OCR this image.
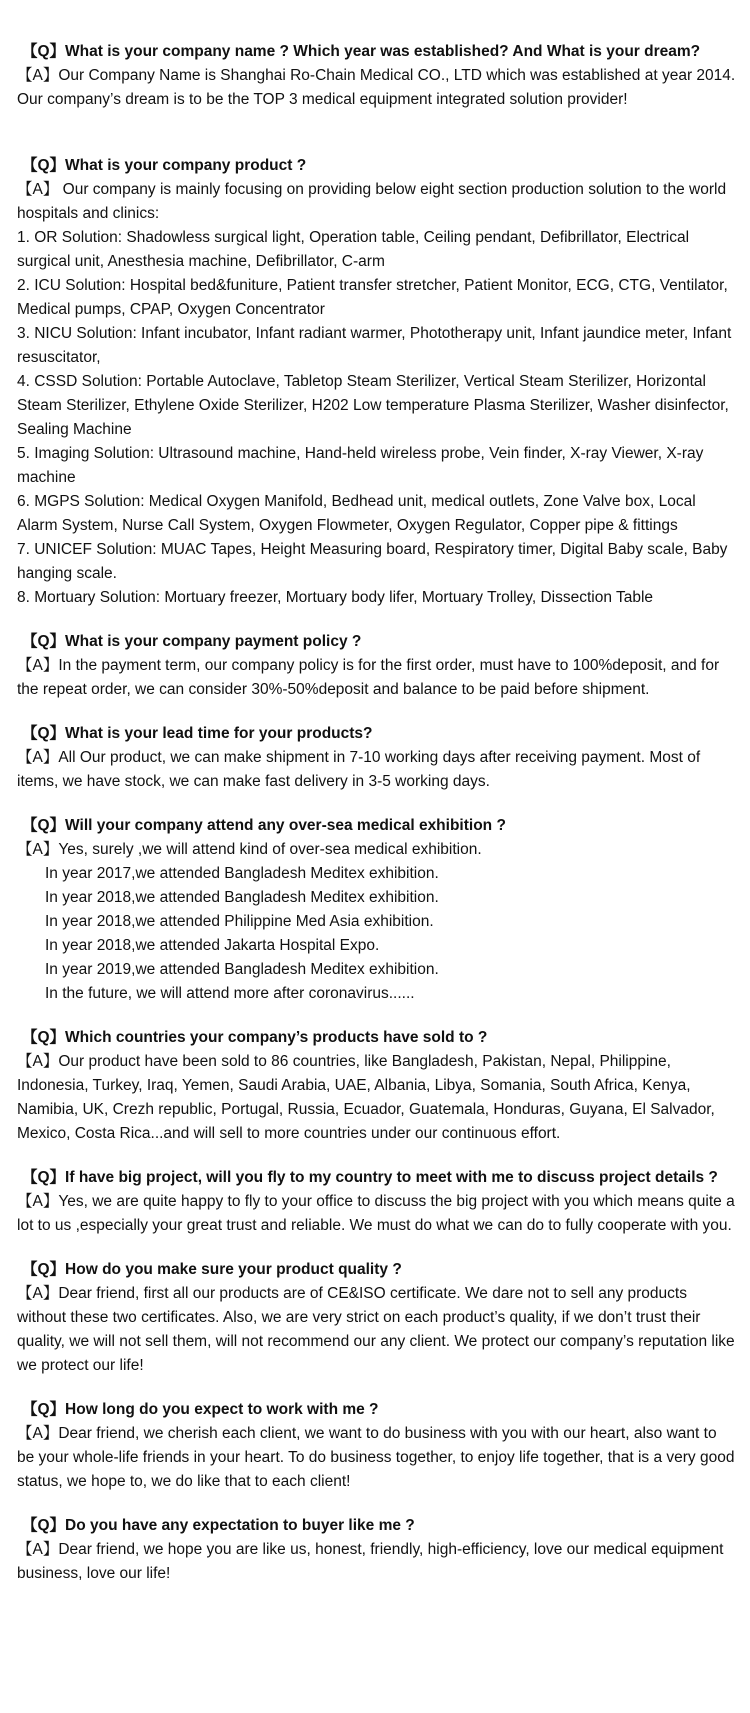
【Q】What is your company name ? Which year was established? And What is your dream?

【A】Our Company Name is Shanghai Ro-Chain Medical CO., LTD which was established at year 2014. Our company’s dream is to be the TOP 3 medical equipment integrated solution provider!

【Q】What is your company product ?

【A】 Our company is mainly focusing on providing below eight section production solution to the world hospitals and clinics:

1. OR Solution: Shadowless surgical light, Operation table, Ceiling pendant, Defibrillator, Electrical surgical unit, Anesthesia machine, Defibrillator, C-arm

2. ICU Solution: Hospital bed&funiture, Patient transfer stretcher, Patient Monitor, ECG, CTG, Ventilator, Medical pumps, CPAP, Oxygen Concentrator

3. NICU Solution: Infant incubator, Infant radiant warmer, Phototherapy unit, Infant jaundice meter, Infant resuscitator,

4. CSSD Solution: Portable Autoclave, Tabletop Steam Sterilizer, Vertical Steam Sterilizer, Horizontal Steam Sterilizer, Ethylene Oxide Sterilizer, H202 Low temperature Plasma Sterilizer, Washer disinfector, Sealing Machine

5. Imaging Solution: Ultrasound machine, Hand-held wireless probe, Vein finder, X-ray Viewer, X-ray machine

6. MGPS Solution: Medical Oxygen Manifold, Bedhead unit, medical outlets, Zone Valve box, Local Alarm System, Nurse Call System, Oxygen Flowmeter, Oxygen Regulator, Copper pipe & fittings

7. UNICEF Solution: MUAC Tapes, Height Measuring board, Respiratory timer, Digital Baby scale, Baby hanging scale.

8. Mortuary Solution: Mortuary freezer, Mortuary body lifer, Mortuary Trolley, Dissection Table

【Q】What is your company payment policy ?

【A】In the payment term, our company policy is for the first order, must have to 100%deposit, and for the repeat order, we can consider 30%-50%deposit and balance to be paid before shipment.

【Q】What is your lead time for your products?

【A】All Our product, we can make shipment in 7-10 working days after receiving payment. Most of items, we have stock, we can make fast delivery in 3-5 working days.

【Q】Will your company attend any over-sea medical exhibition ?

【A】Yes, surely ,we will attend kind of over-sea medical exhibition.

In year 2017,we attended Bangladesh Meditex exhibition.

In year 2018,we attended Bangladesh Meditex exhibition.

In year 2018,we attended Philippine Med Asia exhibition.

In year 2018,we attended Jakarta Hospital Expo.

In year 2019,we attended Bangladesh Meditex exhibition.

In the future, we will attend more after coronavirus......

【Q】Which countries your company’s products have sold to ?

【A】Our product have been sold to 86 countries, like Bangladesh, Pakistan, Nepal, Philippine, Indonesia, Turkey, Iraq, Yemen, Saudi Arabia, UAE, Albania, Libya, Somania, South Africa, Kenya, Namibia, UK, Crezh republic, Portugal, Russia, Ecuador, Guatemala, Honduras, Guyana, El Salvador, Mexico, Costa Rica...and will sell to more countries under our continuous effort.

【Q】If have big project, will you fly to my country to meet with me to discuss project details ?

【A】Yes, we are quite happy to fly to your office to discuss the big project with you which means quite a lot to us ,especially your great trust and reliable. We must do what we can do to fully cooperate with you.

【Q】How do you make sure your product quality ?

【A】Dear friend, first all our products are of CE&ISO certificate. We dare not to sell any products without these two certificates. Also, we are very strict on each product’s quality, if we don’t trust their quality, we will not sell them, will not recommend our any client. We protect our company’s reputation like we protect our life!

【Q】How long do you expect to work with me ?

【A】Dear friend, we cherish each client, we want to do business with you with our heart, also want to be your whole-life friends in your heart. To do business together, to enjoy life together, that is a very good status, we hope to, we do like that to each client!

【Q】Do you have any expectation to buyer like me ?

【A】Dear friend, we hope you are like us, honest, friendly, high-efficiency, love our medical equipment business, love our life!
